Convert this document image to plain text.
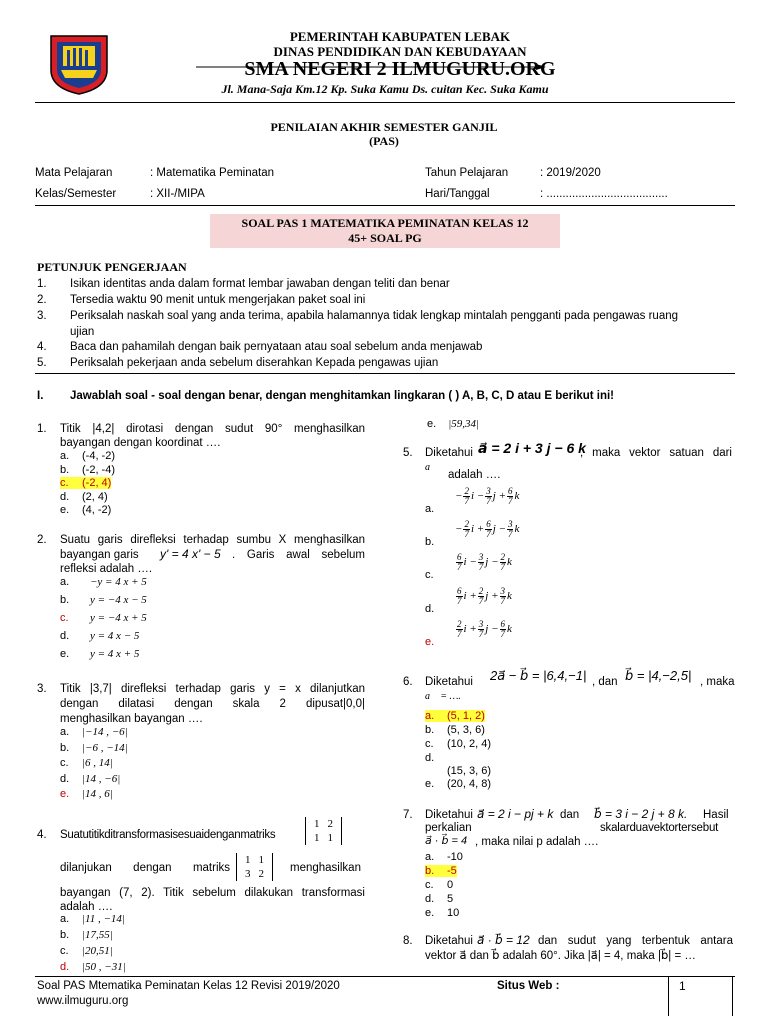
PEMERINTAH KABUPATEN LEBAK
DINAS PENDIDIKAN DAN KEBUDAYAAN
SMA NEGERI 2 ILMUGURU.ORG
Jl. Mana-Saja Km.12 Kp. Suka Kamu Ds. cuitan Kec. Suka Kamu
PENILAIAN AKHIR SEMESTER GANJIL
(PAS)
Mata Pelajaran	: Matematika Peminatan	Tahun Pelajaran	: 2019/2020
Kelas/Semester	: XII-/MIPA	Hari/Tanggal	: ......................................
SOAL PAS 1 MATEMATIKA PEMINATAN KELAS 12
45+ SOAL PG
PETUNJUK PENGERJAAN
1. Isikan identitas anda dalam format lembar jawaban dengan teliti dan benar
2. Tersedia waktu 90 menit untuk mengerjakan paket soal ini
3. Periksalah naskah soal yang anda terima, apabila halamannya tidak lengkap mintalah pengganti pada pengawas ruang
ujian
4. Baca dan pahamilah dengan baik pernyataan atau soal sebelum anda menjawab
5. Periksalah pekerjaan anda sebelum diserahkan Kepada pengawas ujian
I. Jawablah soal - soal dengan benar, dengan menghitamkan lingkaran ( ) A, B, C, D atau E berikut ini!
1. Titik |4,2| dirotasi dengan sudut 90° menghasilkan
bayangan dengan koordinat ….
a. (-4, -2)
b. (-2, -4)
c. (-2, 4)
d. (2, 4)
e. (4, -2)
2. Suatu garis direfleksi terhadap sumbu X menghasilkan
bayangan garis y' = 4 x' − 5 . Garis awal sebelum
refleksi adalah ….
a. −y = 4 x + 5
b. y = −4 x − 5
c. y = −4 x + 5
d. y = 4 x − 5
e. y = 4 x + 5
3. Titik |3,7| direfleksi terhadap garis y = x dilanjutkan
dengan dilatasi dengan skala 2 dipusat|0,0|
menghasilkan bayangan ….
a. |−14 , −6|
b. |−6 , −14|
c. |6 , 14|
d. |14 , −6|
e. |14 , 6|
4. Suatutitikditransformasisesuaidenganmatriks
1	2
1	1
dilanjukan dengan matriks
1	1
3	2 menghasilkan
bayangan (7, 2). Titik sebelum dilakukan transformasi
adalah ….
a. |11 , −14|
b. |17,55|
c. |20,51|
d. |50 , −31|
e. |59,34|
5. Diketahui a⃗ = 2 i + 3 j − 6 k
, maka vektor satuan dari
a⃗
adalah ….
a.
− $\frac{2}{7}$ $i - \frac{3}{7}$ $j + \frac{6}{7}$ k
b.
− $\frac{2}{7}$ $i + \frac{6}{7}$ $j - \frac{3}{7}$ k
c.
$\frac{6}{7}$ $i - \frac{3}{7}$ $j - \frac{2}{7}$ k
d.
$\frac{6}{7}$ $i + \frac{2}{7}$ $j + \frac{3}{7}$ k
e.
$\frac{2}{7}$ $i + \frac{3}{7}$ $j - \frac{6}{7}$ k
6. Diketahui 2a⃗ − b⃗ = |6,4,−1| , dan b⃗ = |4,−2,5| , maka
a⃗ = ….
a. (5, 1, 2)
b. (5, 3, 6)
c. (10, 2, 4)
d.
(15, 3, 6)
e. (20, 4, 8)
7. Diketahui a⃗ = 2 i − pj + k dan b⃗ = 3 i − 2 j + 8 k. Hasil
perkalian	skalarduavektortersebut
a⃗ · b⃗ = 4 , maka nilai p adalah ….
a. -10
b. -5
c. 0
d. 5
e. 10
8. Diketahui a⃗ · b⃗ = 12 dan sudut yang terbentuk antara
vektor a⃗ dan b⃗ adalah 60°. Jika |a⃗| = 4, maka |b⃗| = …
Soal PAS Mtematika Peminatan Kelas 12 Revisi 2019/2020	Situs Web :
www.ilmuguru.org
1
